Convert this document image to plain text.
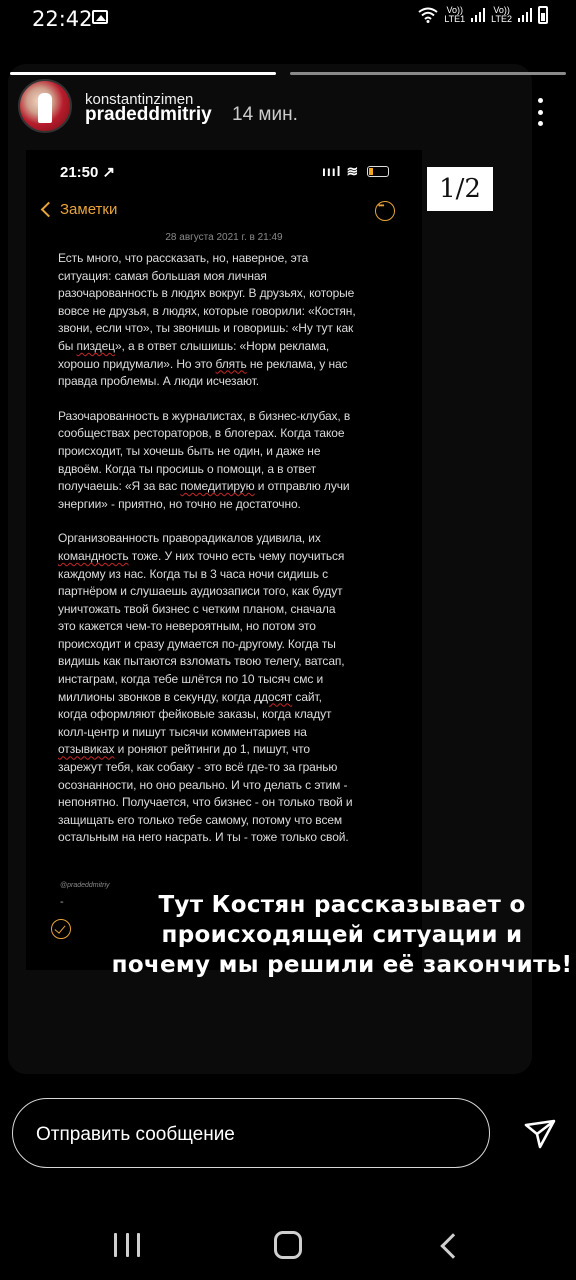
22:42	Vo))
LTE1
Vo))
LTE2
konstantinzimen
pradeddmitriy 14 мин.
21:50 ↗	ıııl ≋
Заметки
•••
28 августа 2021 г. в 21:49

Есть много, что рассказать, но, наверное, эта
ситуация: самая большая моя личная
разочарованность в людях вокруг. В друзьях, которые
вовсе не друзья, в людях, которые говорили: «Костян,
звони, если что», ты звонишь и говоришь: «Ну тут как
бы пиздец», а в ответ слышишь: «Норм реклама,
хорошо придумали». Но это блять не реклама, у нас
правда проблемы. А люди исчезают.

Разочарованность в журналистах, в бизнес-клубах, в
сообществах рестораторов, в блогерах. Когда такое
происходит, ты хочешь быть не один, и даже не
вдвоём. Когда ты просишь о помощи, а в ответ
получаешь: «Я за вас помедитирую и отправлю лучи
энергии» - приятно, но точно не достаточно.

Организованность праворадикалов удивила, их
командность тоже. У них точно есть чему поучиться
каждому из нас. Когда ты в 3 часа ночи сидишь с
партнёром и слушаешь аудиозаписи того, как будут
уничтожать твой бизнес с четким планом, сначала
это кажется чем-то невероятным, но потом это
происходит и сразу думается по-другому. Когда ты
видишь как пытаются взломать твою телегу, ватсап,
инстаграм, когда тебе шлётся по 10 тысяч смс и
миллионы звонков в секунду, когда ддосят сайт,
когда оформляют фейковые заказы, когда кладут
колл-центр и пишут тысячи комментариев на
отзывиках и роняют рейтинги до 1, пишут, что
зарежут тебя, как собаку - это всё где-то за гранью
осознанности, но оно реально. И что делать с этим -
непонятно. Получается, что бизнес - он только твой и
защищать его только тебе самому, потому что всем
остальным на него насрать. И ты - тоже только свой.

@pradeddmitriy
-
1/2
Тут Костян рассказывает о происходящей ситуации и почему мы решили её закончить!
Отправить сообщение
